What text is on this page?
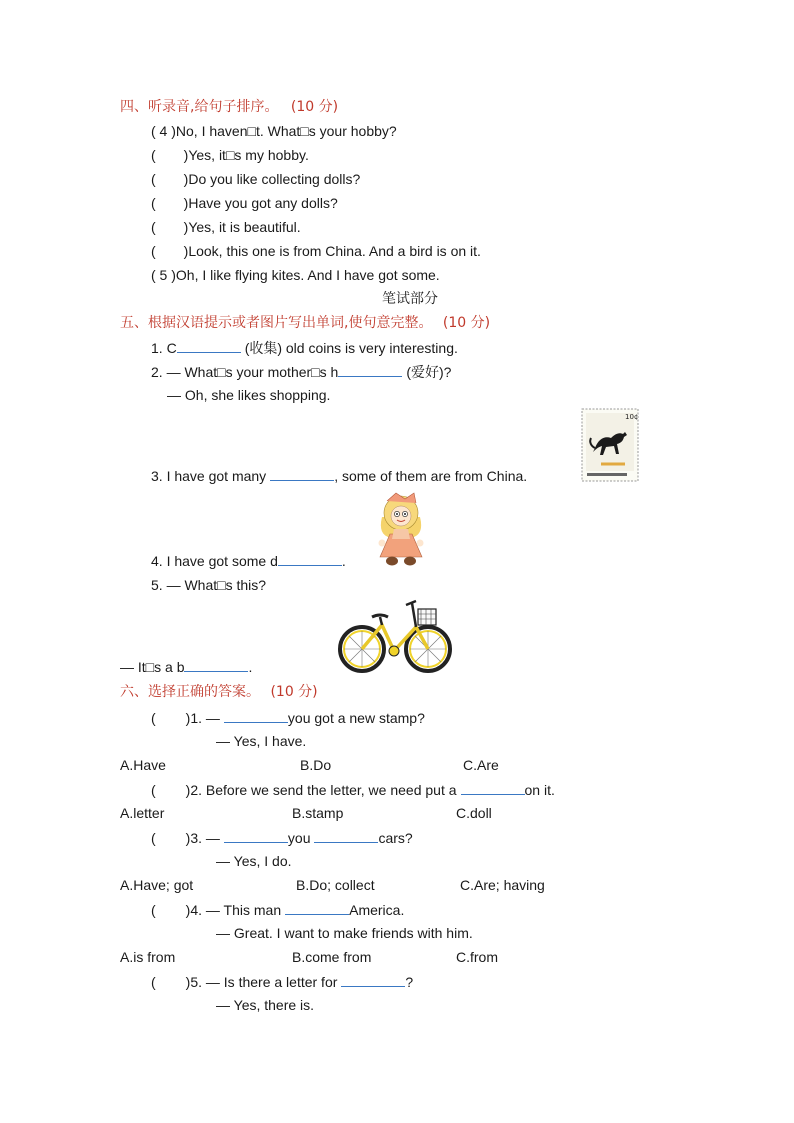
四、听录音,给句子排序。 (10 分)
( 4 )No, I haven□t. What□s your hobby?
(　　)Yes, it□s my hobby.
(　　)Do you like collecting dolls?
(　　)Have you got any dolls?
(　　)Yes, it is beautiful.
(　　)Look, this one is from China. And a bird is on it.
( 5 )Oh, I like flying kites. And I have got some.
笔试部分
五、根据汉语提示或者图片写出单词,使句意完整。 (10 分)
1. C	(收集) old coins is very interesting.
2. — What□s your mother□s h	(爱好)?
— Oh, she likes shopping.
10¢
3. I have got many	, some of them are from China.
4. I have got some d	.
5. — What□s this?
— It□s a b	.
六、选择正确的答案。 (10 分)
( )1. —	you got a new stamp?
— Yes, I have.
A.Have	B.Do	C.Are
( )2. Before we send the letter, we need put a	on it.
A.letter	B.stamp	C.doll
( )3. —	you	cars?
— Yes, I do.
A.Have; got	B.Do; collect	C.Are; having
( )4. — This man	America.
— Great. I want to make friends with him.
A.is from	B.come from	C.from
( )5. — Is there a letter for	?
— Yes, there is.
